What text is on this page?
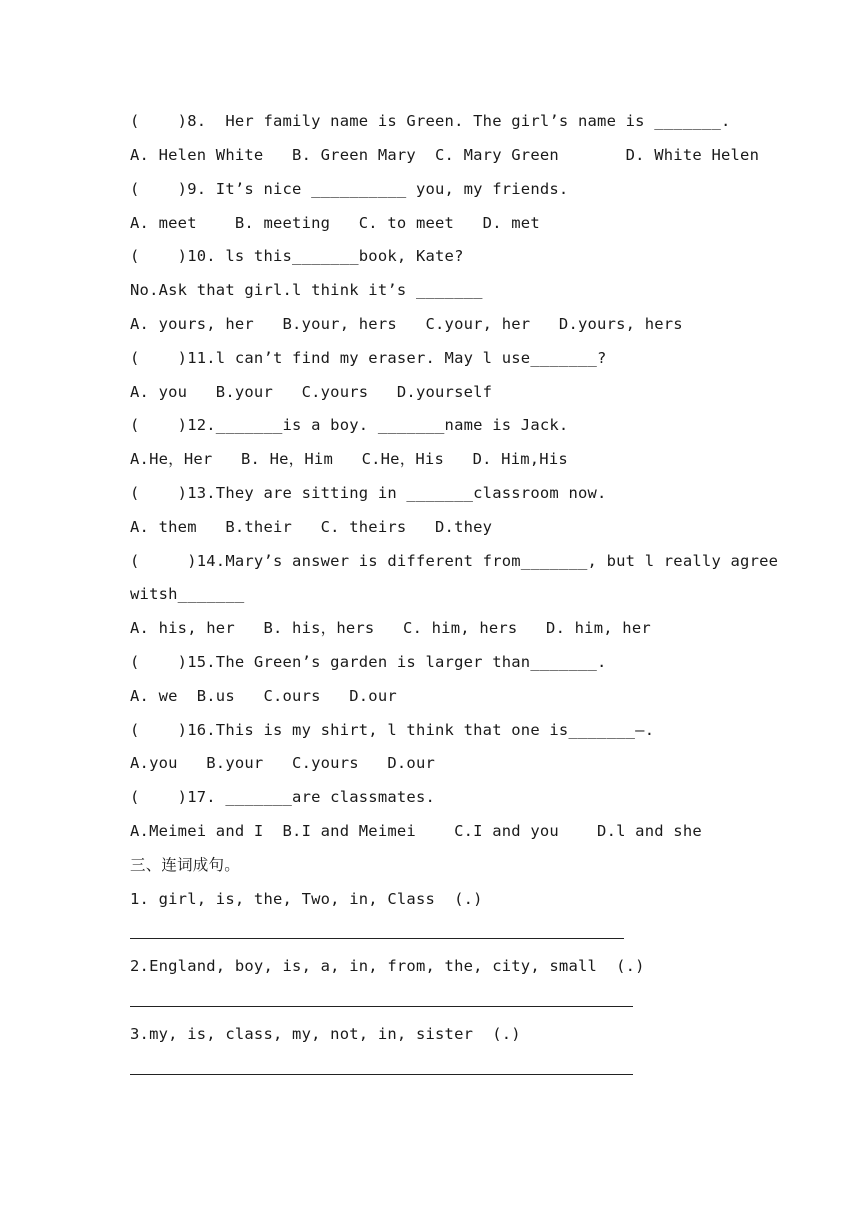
(    )8.  Her family name is Green. The girl’s name is _______.
A. Helen White   B. Green Mary  C. Mary Green       D. White Helen
(    )9. It’s nice __________ you, my friends.
A. meet    B. meeting   C. to meet   D. met
(    )10. ls this_______book, Kate?
No.Ask that girl.l think it’s _______
A. yours, her   B.your, hers   C.your, her   D.yours, hers
(    )11.l can’t find my eraser. May l use_______?
A. you   B.your   C.yours   D.yourself
(    )12._______is a boy. _______name is Jack.
A.He，Her   B. He，Him   C.He，His   D. Him,His
(    )13.They are sitting in _______classroom now.
A. them   B.their   C. theirs   D.they
(     )14.Mary’s answer is different from_______, but l really agree
witsh_______
A. his, her   B. his，hers   C. him, hers   D. him, her
(    )15.The Green’s garden is larger than_______.
A. we  B.us   C.ours   D.our
(    )16.This is my shirt, l think that one is_______–.
A.you   B.your   C.yours   D.our
(    )17. _______are classmates.
A.Meimei and I  B.I and Meimei    C.I and you    D.l and she
三、连词成句。
1. girl, is, the, Two, in, Class  (.)
2.England, boy, is, a, in, from, the, city, small  (.)
3.my, is, class, my, not, in, sister  (.)
